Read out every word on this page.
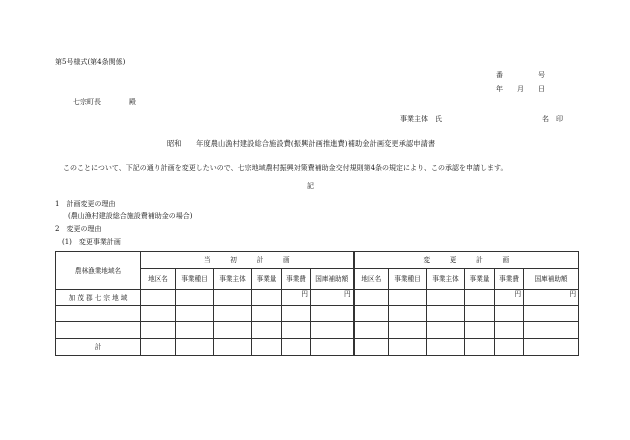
第5号様式(第4条関係)
番　　　　　号
年　　月　　日
七宗町長　　　　殿
事業主体　氏	名　印
昭和　　年度農山漁村建設総合施設費(振興計画推進費)補助金計画変更承認申請書
このことについて、下記の通り計画を変更したいので、七宗地域農村振興対策費補助金交付規則第4条の規定により、この承認を申請します。
記
1　計画変更の理由
(農山漁村建設総合施設費補助金の場合)
2　変更の理由
(1)　変更事業計画
農林漁業地域名	当　　　初　　　計　　　画						変　　　更　　　計　　　画					
	地区名	事業種目	事業主体	事業量	事業費	国庫補助額	地区名	事業種目	事業主体	事業量	事業費	国庫補助額
加 茂 郡 七 宗 地 域					円	円					円	円

計												
